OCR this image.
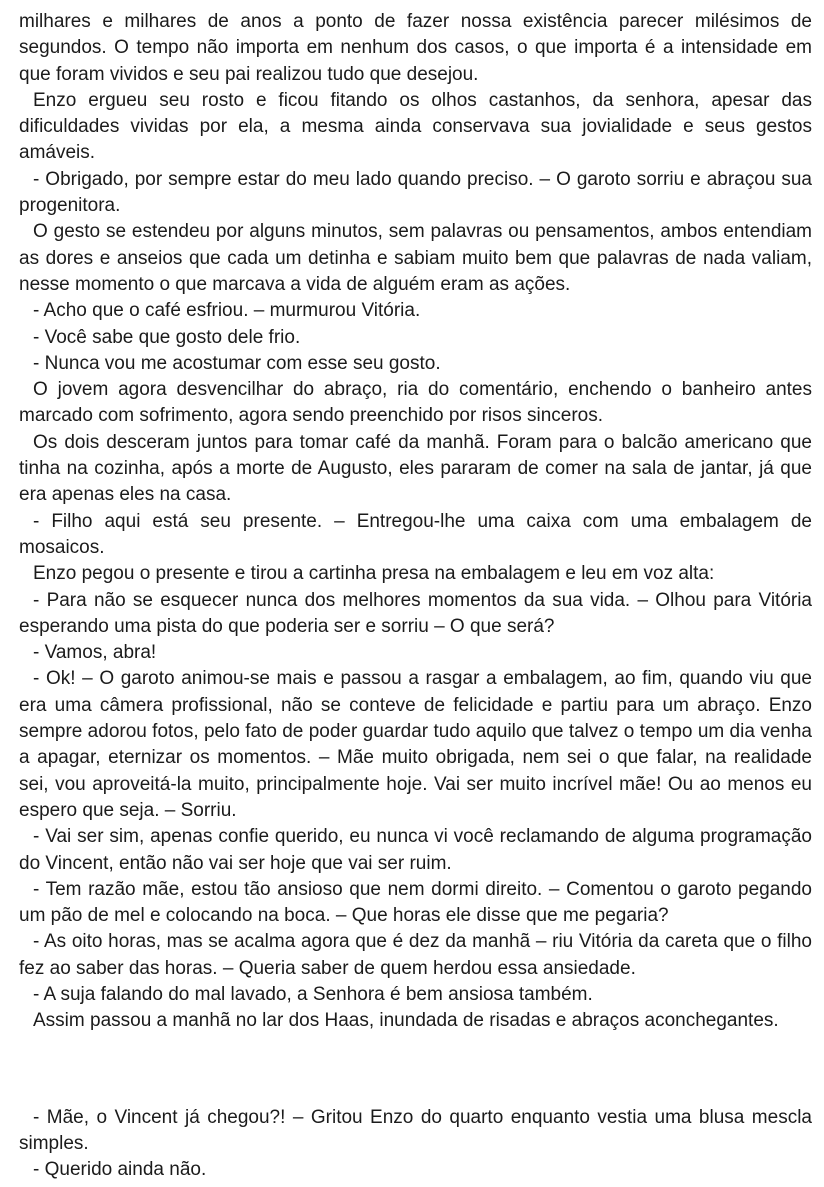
milhares e milhares de anos a ponto de fazer nossa existência parecer milésimos de segundos. O tempo não importa em nenhum dos casos, o que importa é a intensidade em que foram vividos e seu pai realizou tudo que desejou.

Enzo ergueu seu rosto e ficou fitando os olhos castanhos, da senhora, apesar das dificuldades vividas por ela, a mesma ainda conservava sua jovialidade e seus gestos amáveis.

- Obrigado, por sempre estar do meu lado quando preciso. – O garoto sorriu e abraçou sua progenitora.

O gesto se estendeu por alguns minutos, sem palavras ou pensamentos, ambos entendiam as dores e anseios que cada um detinha e sabiam muito bem que palavras de nada valiam, nesse momento o que marcava a vida de alguém eram as ações.

- Acho que o café esfriou. – murmurou Vitória.

- Você sabe que gosto dele frio.

- Nunca vou me acostumar com esse seu gosto.

O jovem agora desvencilhar do abraço, ria do comentário, enchendo o banheiro antes marcado com sofrimento, agora sendo preenchido por risos sinceros.

Os dois desceram juntos para tomar café da manhã. Foram para o balcão americano que tinha na cozinha, após a morte de Augusto, eles pararam de comer na sala de jantar, já que era apenas eles na casa.

- Filho aqui está seu presente. – Entregou-lhe uma caixa com uma embalagem de mosaicos.

Enzo pegou o presente e tirou a cartinha presa na embalagem e leu em voz alta:

- Para não se esquecer nunca dos melhores momentos da sua vida. – Olhou para Vitória esperando uma pista do que poderia ser e sorriu – O que será?

- Vamos, abra!

- Ok! – O garoto animou-se mais e passou a rasgar a embalagem, ao fim, quando viu que era uma câmera profissional, não se conteve de felicidade e partiu para um abraço. Enzo sempre adorou fotos, pelo fato de poder guardar tudo aquilo que talvez o tempo um dia venha a apagar, eternizar os momentos. – Mãe muito obrigada, nem sei o que falar, na realidade sei, vou aproveitá-la muito, principalmente hoje. Vai ser muito incrível mãe! Ou ao menos eu espero que seja. – Sorriu.

- Vai ser sim, apenas confie querido, eu nunca vi você reclamando de alguma programação do Vincent, então não vai ser hoje que vai ser ruim.

- Tem razão mãe, estou tão ansioso que nem dormi direito. – Comentou o garoto pegando um pão de mel e colocando na boca. – Que horas ele disse que me pegaria?

- As oito horas, mas se acalma agora que é dez da manhã – riu Vitória da careta que o filho fez ao saber das horas. – Queria saber de quem herdou essa ansiedade.

- A suja falando do mal lavado, a Senhora é bem ansiosa também.

Assim passou a manhã no lar dos Haas, inundada de risadas e abraços aconchegantes.

- Mãe, o Vincent já chegou?! – Gritou Enzo do quarto enquanto vestia uma blusa mescla simples.

- Querido ainda não.
